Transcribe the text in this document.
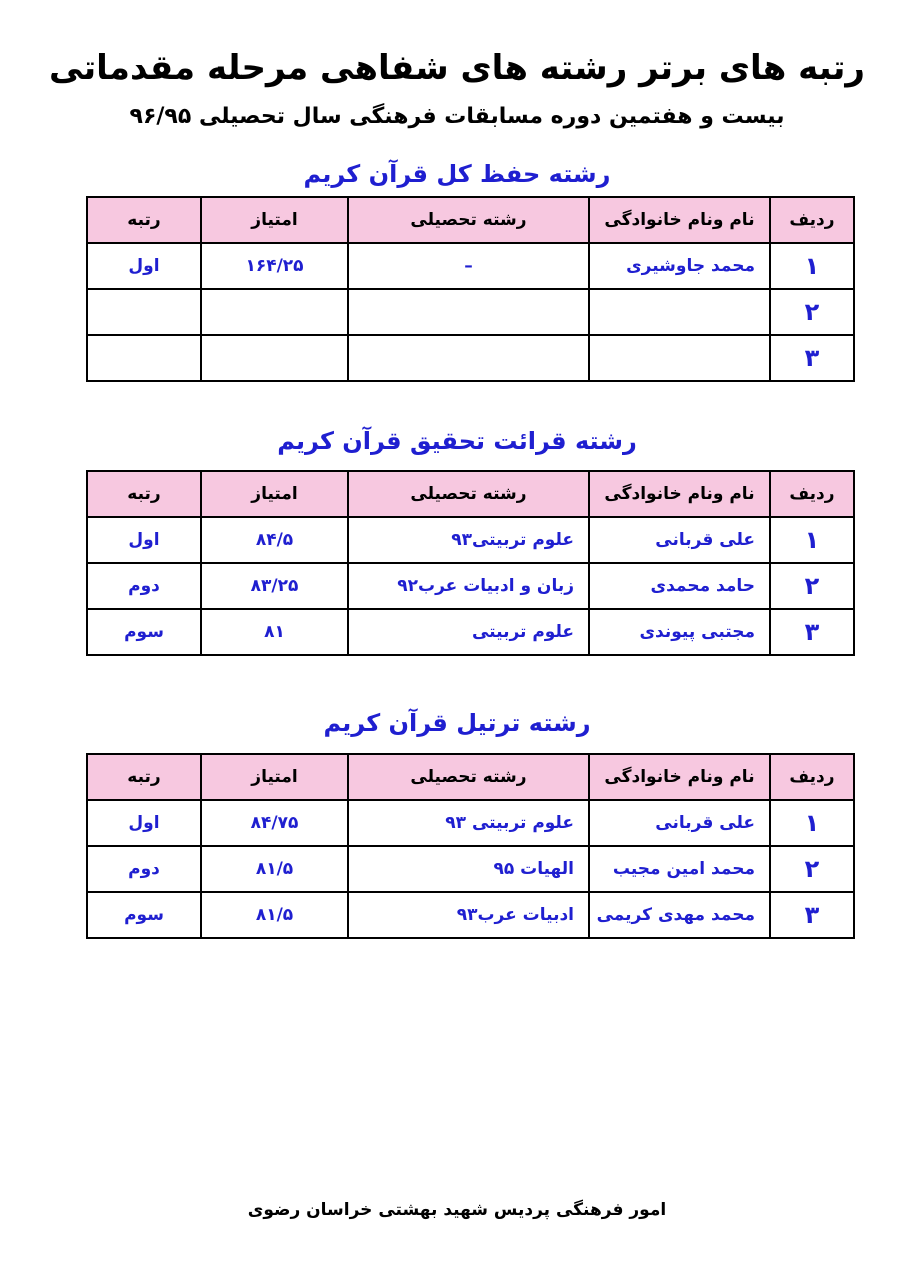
رتبه های برتر رشته های شفاهی مرحله مقدماتی
بیست و هفتمین دوره مسابقات فرهنگی سال تحصیلی ۹۶/۹۵
رشته حفظ کل قرآن کریم
ردیف	نام ونام خانوادگی	رشته تحصیلی	امتیاز	رتبه
۱	محمد جاوشیری	–	۱۶۴/۲۵	اول
۲				
۳				
رشته قرائت تحقیق قرآن کریم
ردیف	نام ونام خانوادگی	رشته تحصیلی	امتیاز	رتبه
۱	علی قربانی	علوم تربیتی۹۳	۸۴/۵	اول
۲	حامد محمدی	زبان و ادبیات عرب۹۲	۸۳/۲۵	دوم
۳	مجتبی پیوندی	علوم تربیتی	۸۱	سوم
رشته ترتیل قرآن کریم
ردیف	نام ونام خانوادگی	رشته تحصیلی	امتیاز	رتبه
۱	علی قربانی	علوم تربیتی ۹۳	۸۴/۷۵	اول
۲	محمد امین مجیب	الهیات ۹۵	۸۱/۵	دوم
۳	محمد مهدی کریمی	ادبیات عرب۹۳	۸۱/۵	سوم
امور فرهنگی پردیس شهید بهشتی خراسان رضوی
